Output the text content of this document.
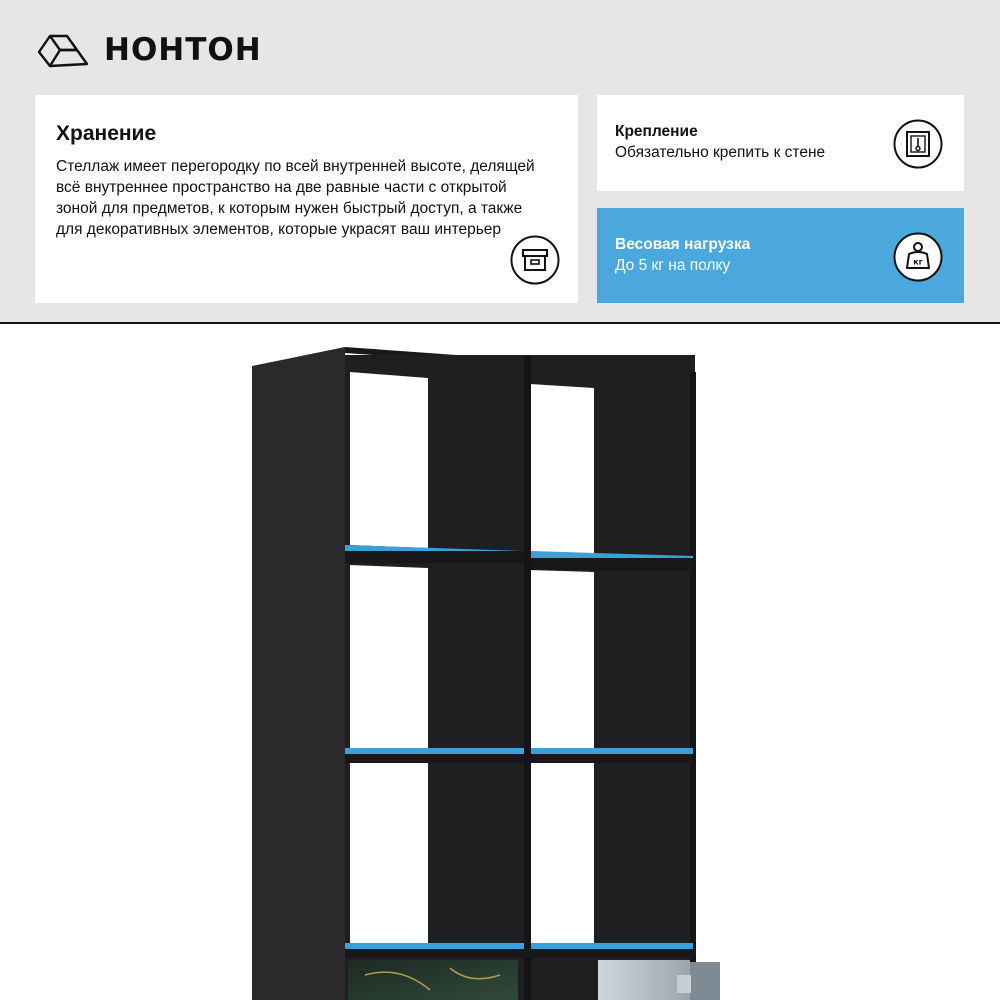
НОНТОН
Хранение
Стеллаж имеет перегородку по всей внутренней высоте, делящей всё внутреннее пространство на две равные части с открытой зоной для предметов, к которым нужен быстрый доступ, а также для декоративных элементов, которые украсят ваш интерьер
Крепление
Обязательно крепить к стене
Весовая нагрузка
До 5 кг на полку	кг
